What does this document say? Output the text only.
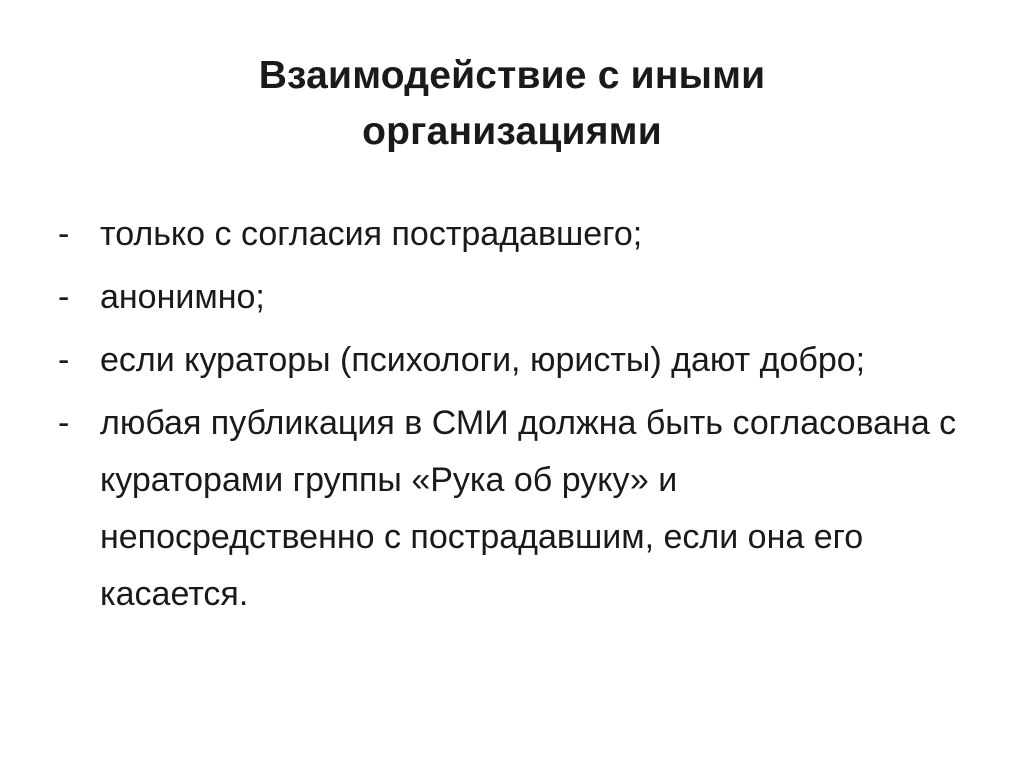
Взаимодействие с иными организациями
- только с согласия пострадавшего;
- анонимно;
- если кураторы (психологи, юристы) дают добро;
- любая публикация в СМИ должна быть согласована с кураторами группы «Рука об руку» и непосредственно с пострадавшим, если она его касается.
